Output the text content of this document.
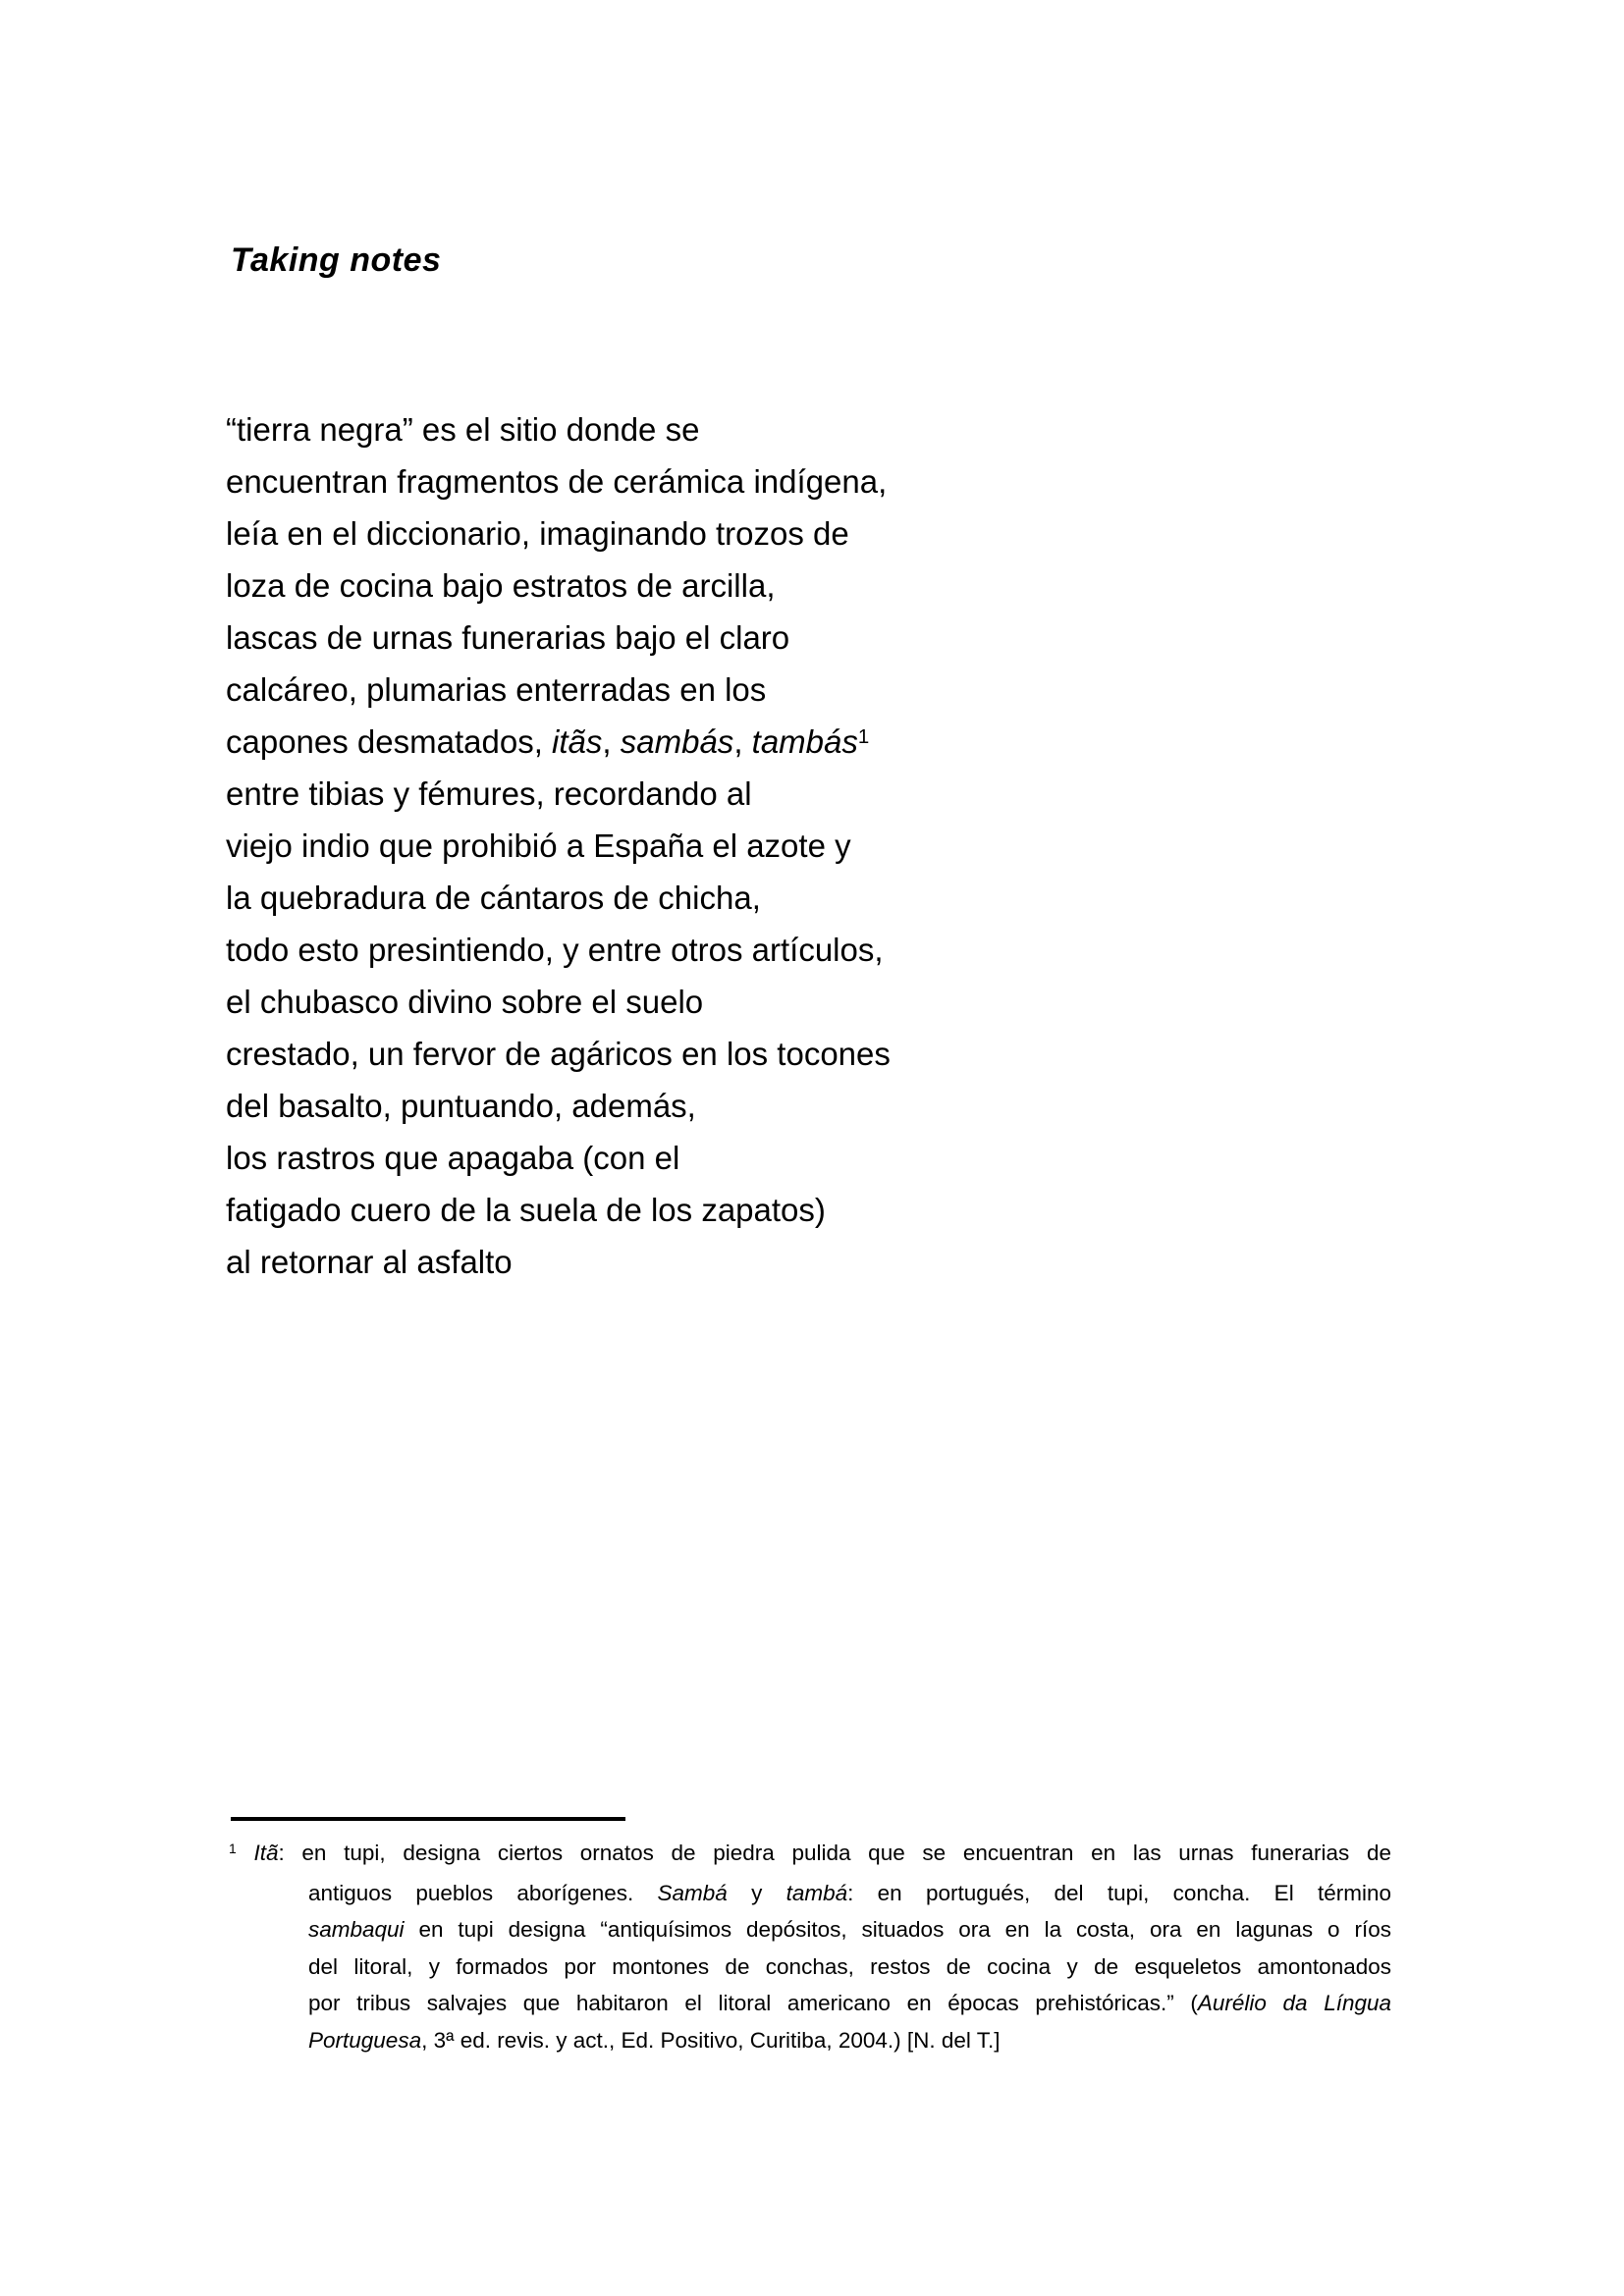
Taking notes
“tierra negra” es el sitio donde se
encuentran fragmentos de cerámica indígena,
leía en el diccionario, imaginando trozos de
loza de cocina bajo estratos de arcilla,
lascas de urnas funerarias bajo el claro
calcáreo, plumarias enterradas en los
capones desmatados, itãs, sambás, tambás$^1$
entre tibias y fémures, recordando al
viejo indio que prohibió a España el azote y
la quebradura de cántaros de chicha,
todo esto presintiendo, y entre otros artículos,
el chubasco divino sobre el suelo
crestado, un fervor de agáricos en los tocones
del basalto, puntuando, además,
los rastros que apagaba (con el
fatigado cuero de la suela de los zapatos)
al retornar al asfalto
$^1$ Itã: en tupi, designa ciertos ornatos de piedra pulida que se encuentran en las urnas funerarias de
antiguos pueblos aborígenes. Sambá y tambá: en portugués, del tupi, concha. El término
sambaqui en tupi designa “antiquísimos depósitos, situados ora en la costa, ora en lagunas o ríos
del litoral, y formados por montones de conchas, restos de cocina y de esqueletos amontonados
por tribus salvajes que habitaron el litoral americano en épocas prehistóricas.” (Aurélio da Língua
Portuguesa, 3ª ed. revis. y act., Ed. Positivo, Curitiba, 2004.) [N. del T.]
